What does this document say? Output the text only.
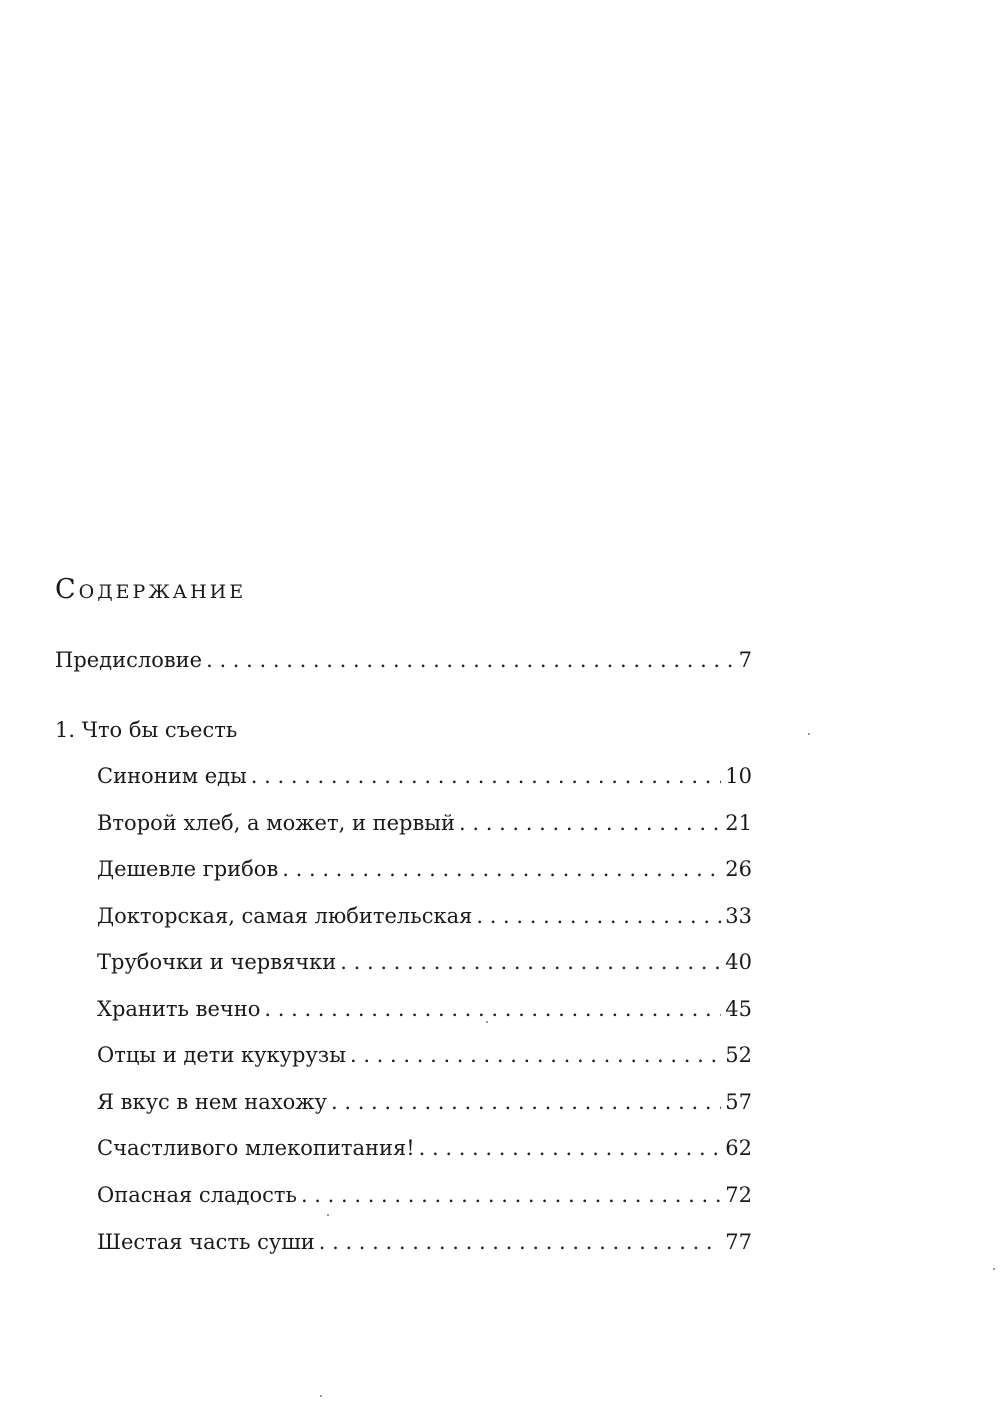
Содержание
Предисловие . . .	7
1. Что бы съесть
Синоним еды . . .	10
Второй хлеб, а может, и первый . . .	21
Дешевле грибов . . .	26
Докторская, самая любительская . . .	33
Трубочки и червячки . . .	40
Хранить вечно . . .	45
Отцы и дети кукурузы . . .	52
Я вкус в нем нахожу . . .	57
Счастливого млекопитания! . . .	62
Опасная сладость . . .	72
Шестая часть суши . . .	77
